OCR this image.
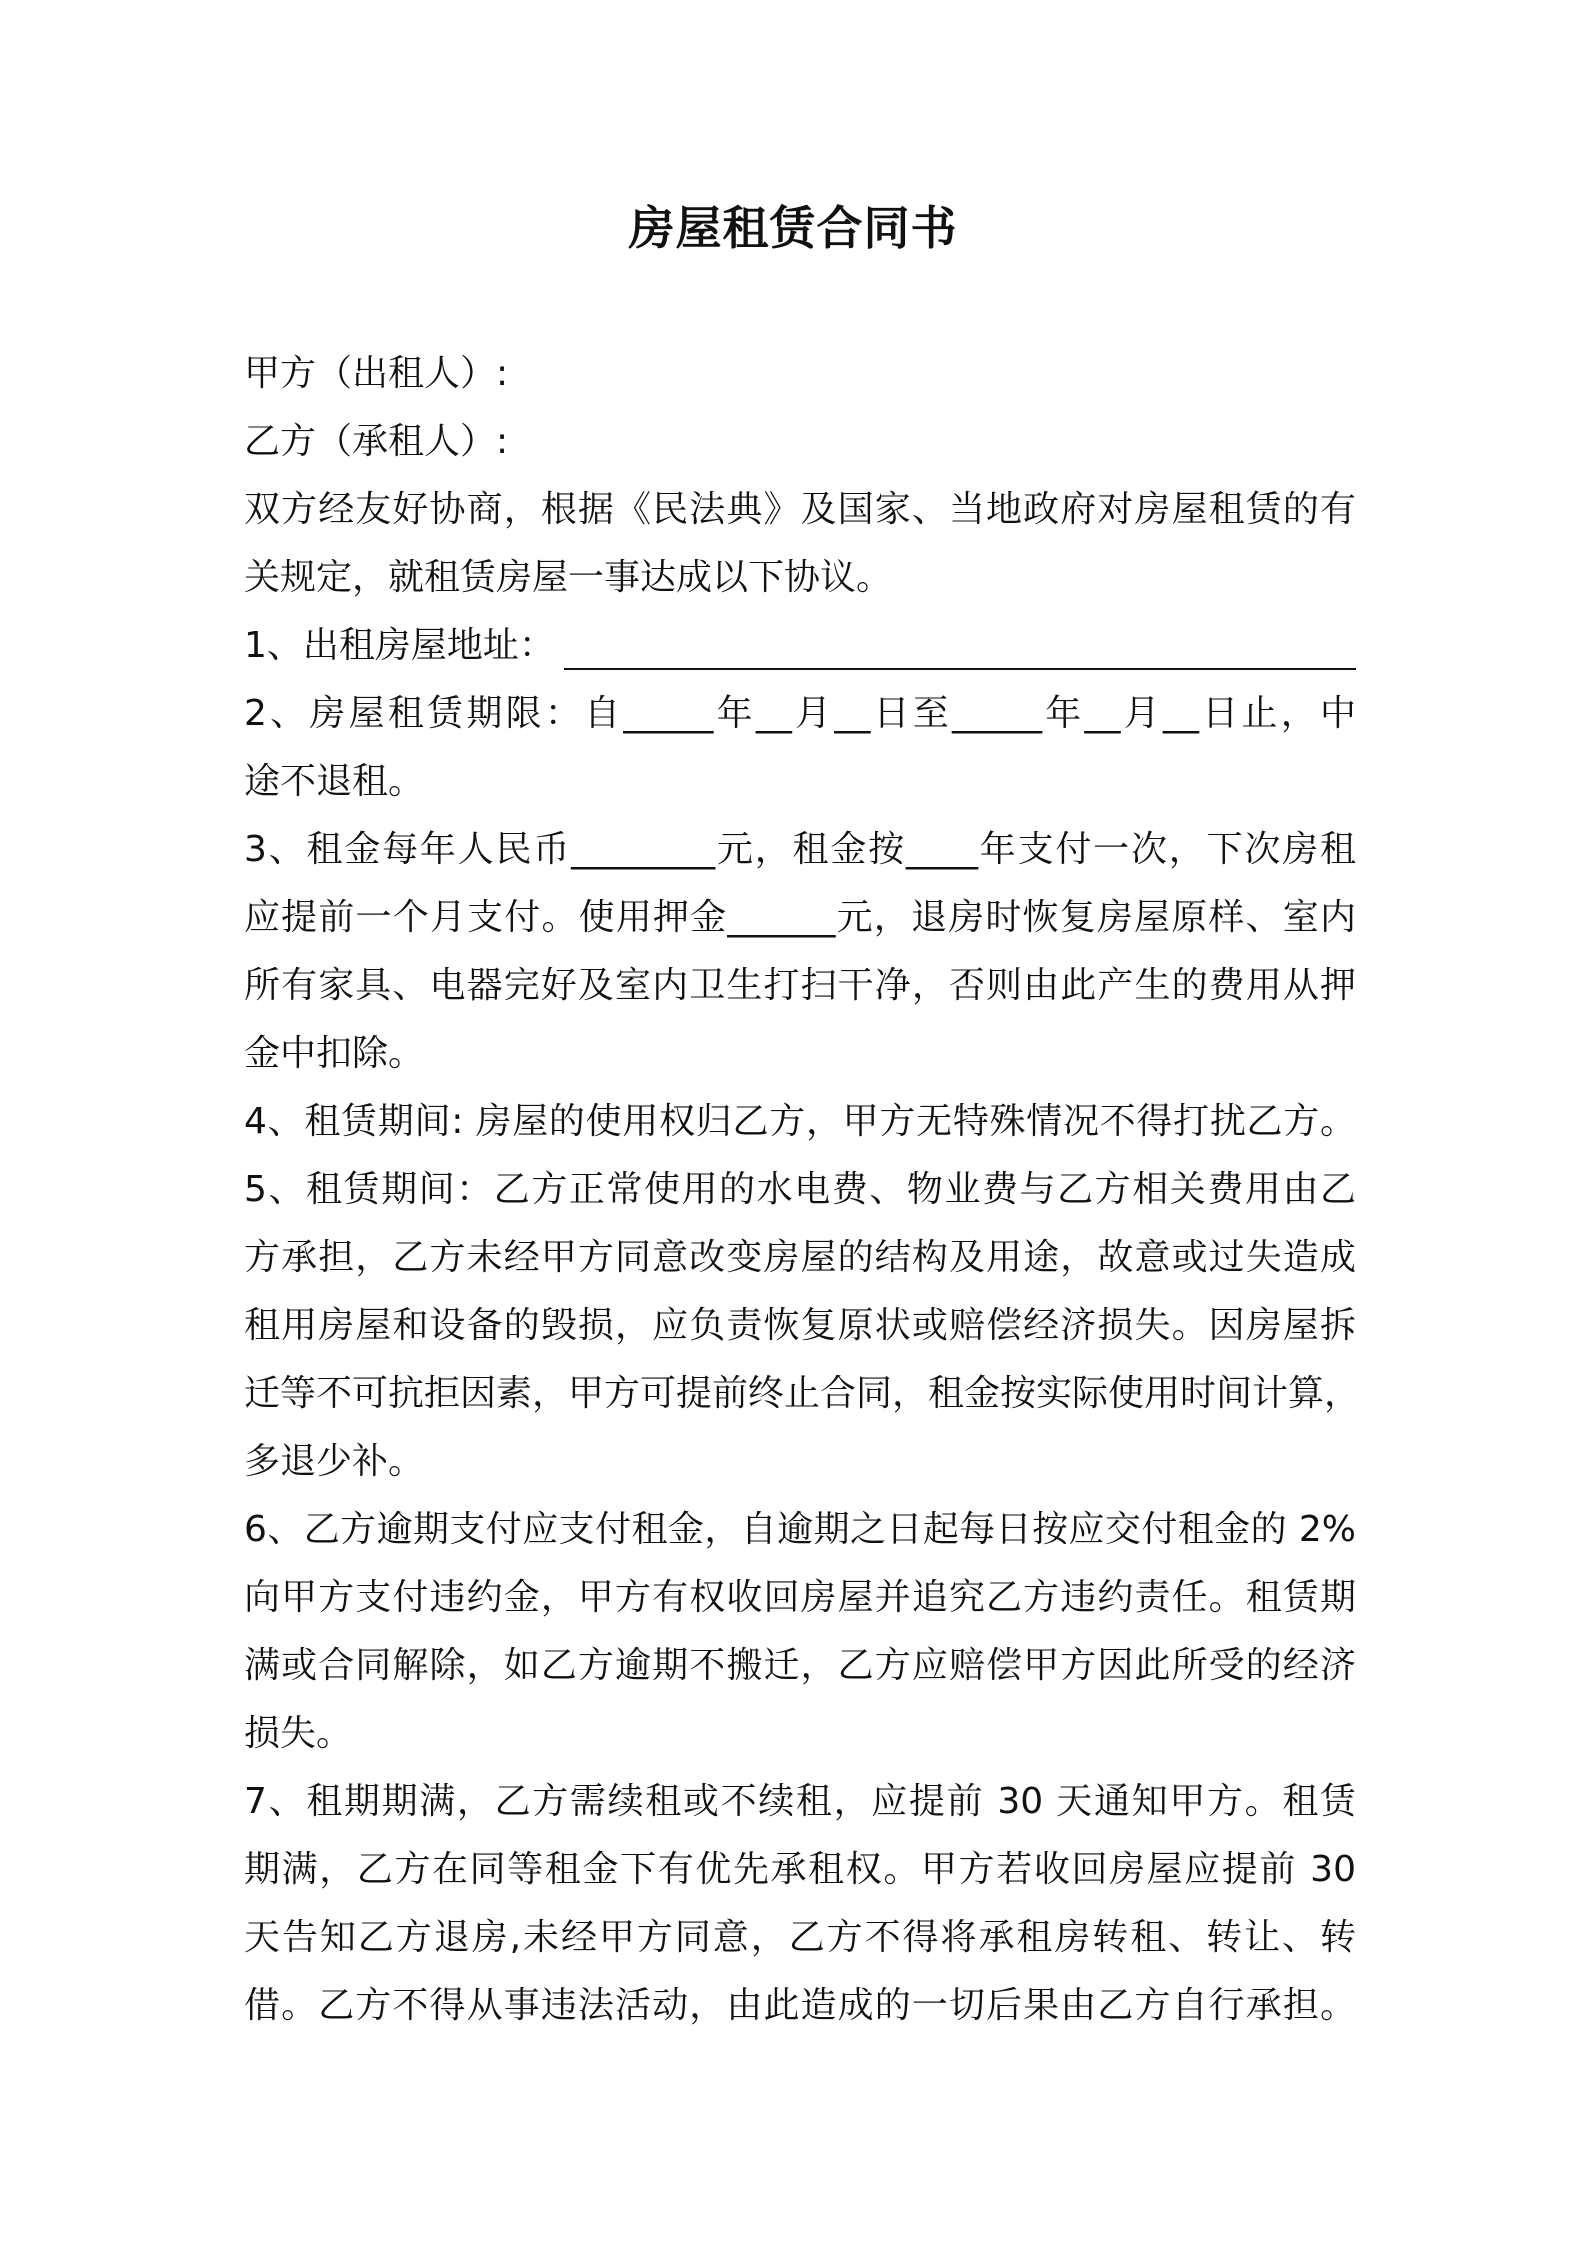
房屋租赁合同书
甲方（出租人）:
乙方（承租人）:
双方经友好协商，根据《民法典》及国家、当地政府对房屋租赁的有
关规定，就租赁房屋一事达成以下协议。
1、出租房屋地址：
2、房屋租赁期限：自_____年__月__日至_____年__月__日止，中
途不退租。
3、租金每年人民币________元，租金按____年支付一次，下次房租
应提前一个月支付。使用押金______元，退房时恢复房屋原样、室内
所有家具、电器完好及室内卫生打扫干净，否则由此产生的费用从押
金中扣除。
4、租赁期间: 房屋的使用权归乙方，甲方无特殊情况不得打扰乙方。
5、租赁期间：乙方正常使用的水电费、物业费与乙方相关费用由乙
方承担，乙方未经甲方同意改变房屋的结构及用途，故意或过失造成
租用房屋和设备的毁损，应负责恢复原状或赔偿经济损失。因房屋拆
迁等不可抗拒因素，甲方可提前终止合同，租金按实际使用时间计算，
多退少补。
6、乙方逾期支付应支付租金，自逾期之日起每日按应交付租金的 2%
向甲方支付违约金，甲方有权收回房屋并追究乙方违约责任。租赁期
满或合同解除，如乙方逾期不搬迁，乙方应赔偿甲方因此所受的经济
损失。
7、租期期满，乙方需续租或不续租，应提前 30 天通知甲方。租赁
期满，乙方在同等租金下有优先承租权。甲方若收回房屋应提前 30
天告知乙方退房,未经甲方同意，乙方不得将承租房转租、转让、转
借。乙方不得从事违法活动，由此造成的一切后果由乙方自行承担。
